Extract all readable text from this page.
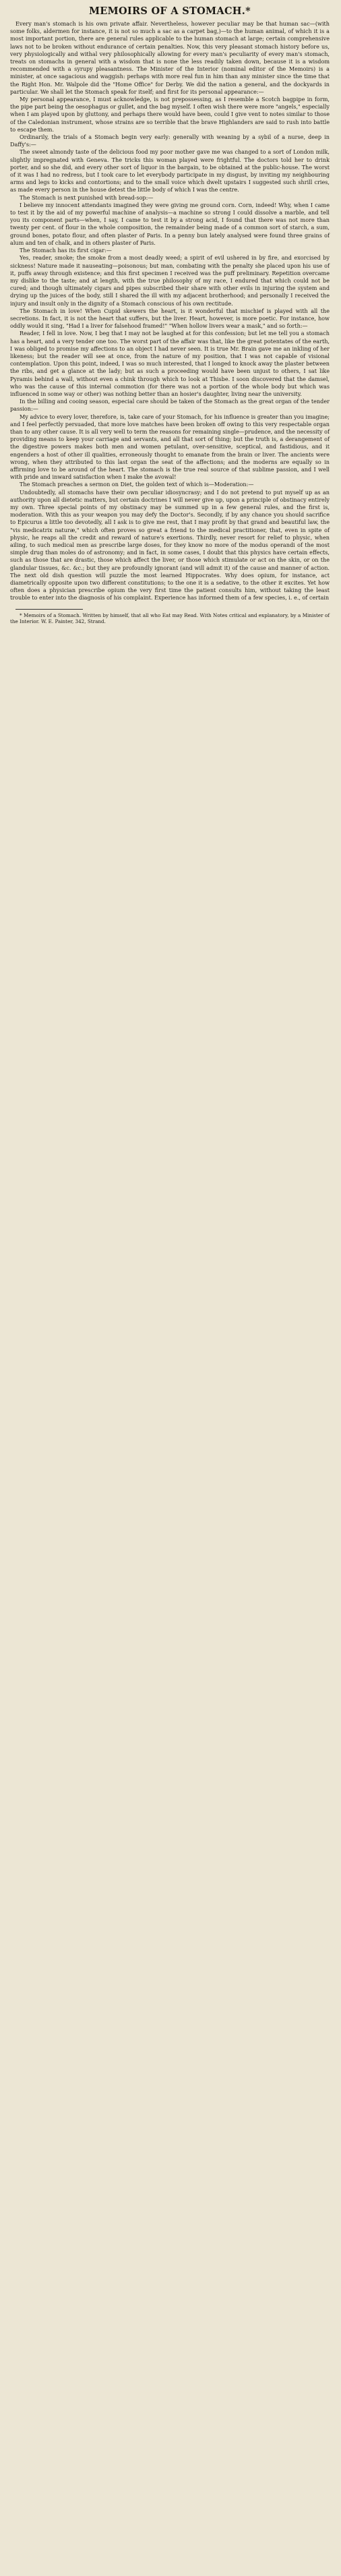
MEMOIRS OF A STOMACH.*

Every man's stomach is his own private affair. Nevertheless, however peculiar may be that human sac—(with some folks, aldermen for instance, it is not so much a sac as a carpet bag,)—to the human animal, of which it is a most important portion, there are general rules applicable to the human stomach at large; certain comprehensive laws not to be broken without endurance of certain penalties. Now, this very pleasant stomach history before us, very physiologically and withal very philosophically allowing for every man's peculiarity of every man's stomach, treats on stomachs in general with a wisdom that is none the less readily taken down, because it is a wisdom recommended with a syrupy pleasantness. The Minister of the Interior (nominal editor of the Memoirs) is a minister, at once sagacious and waggish: perhaps with more real fun in him than any minister since the time that the Right Hon. Mr. Walpole did the "Home Office" for Derby. We did the nation a general, and the dockyards in particular. We shall let the Stomach speak for itself; and first for its personal appearance:—

My personal appearance, I must acknowledge, is not prepossessing, as I resemble a Scotch bagpipe in form, the pipe part being the oesophagus or gullet, and the bag myself. I often wish there were more "angels," especially when I am played upon by gluttony, and perhaps there would have been, could I give vent to notes similar to those of the Caledonian instrument, whose strains are so terrible that the brave Highlanders are said to rush into battle to escape them.

Ordinarily, the trials of a Stomach begin very early: generally with weaning by a sybil of a nurse, deep in Daffy's:—

The sweet almondy taste of the delicious food my poor mother gave me was changed to a sort of London milk, slightly impregnated with Geneva. The tricks this woman played were frightful. The doctors told her to drink porter, and so she did, and every other sort of liquor in the bargain, to be obtained at the public-house. The worst of it was I had no redress, but I took care to let everybody participate in my disgust, by inviting my neighbouring arms and legs to kicks and contortions; and to the small voice which dwelt upstairs I suggested such shrill cries, as made every person in the house detest the little body of which I was the centre.

The Stomach is next punished with bread-sop:—

I believe my innocent attendants imagined they were giving me ground corn. Corn, indeed! Why, when I came to test it by the aid of my powerful machine of analysis—a machine so strong I could dissolve a marble, and tell you its component parts—when, I say, I came to test it by a strong acid, I found that there was not more than twenty per cent. of flour in the whole composition, the remainder being made of a common sort of starch, a sum, ground bones, potato flour, and often plaster of Paris. In a penny bun lately analysed were found three grains of alum and ten of chalk, and in others plaster of Paris.

The Stomach has its first cigar:—

Yes, reader, smoke; the smoke from a most deadly weed; a spirit of evil ushered in by fire, and exorcised by sickness! Nature made it nauseating—poisonous; but man, combating with the penalty she placed upon his use of it, puffs away through existence; and this first specimen I received was the puff preliminary. Repetition overcame my dislike to the taste; and at length, with the true philosophy of my race, I endured that which could not be cured; and though ultimately cigars and pipes subscribed their share with other evils in injuring the system and drying up the juices of the body, still I shared the ill with my adjacent brotherhood; and personally I received the injury and insult only in the dignity of a Stomach conscious of his own rectitude.

The Stomach in love! When Cupid skewers the heart, is it wonderful that mischief is played with all the secretions. In fact, it is not the heart that suffers, but the liver. Heart, however, is more poetic. For instance, how oddly would it sing, "Had I a liver for falsehood framed!" "When hollow livers wear a mask," and so forth:—

Reader, I fell in love. Now, I beg that I may not be laughed at for this confession; but let me tell you a stomach has a heart, and a very tender one too. The worst part of the affair was that, like the great potentates of the earth, I was obliged to promise my affections to an object I had never seen. It is true Mr. Brain gave me an inkling of her likeness; but the reader will see at once, from the nature of my position, that I was not capable of visional contemplation. Upon this point, indeed, I was so much interested, that I longed to knock away the plaster between the ribs, and get a glance at the lady; but as such a proceeding would have been unjust to others, I sat like Pyramis behind a wall, without even a chink through which to look at Thisbe. I soon discovered that the damsel, who was the cause of this internal commotion (for there was not a portion of the whole body but which was influenced in some way or other) was nothing better than an hosier's daughter, living near the university.

In the billing and cooing season, especial care should be taken of the Stomach as the great organ of the tender passion:—

My advice to every lover, therefore, is, take care of your Stomach, for his influence is greater than you imagine; and I feel perfectly persuaded, that more love matches have been broken off owing to this very respectable organ than to any other cause. It is all very well to term the reasons for remaining single—prudence, and the necessity of providing means to keep your carriage and servants, and all that sort of thing; but the truth is, a derangement of the digestive powers makes both men and women petulant, over-sensitive, sceptical, and fastidious, and it engenders a host of other ill qualities, erroneously thought to emanate from the brain or liver. The ancients were wrong, when they attributed to this last organ the seat of the affections; and the moderns are equally so in affirming love to be around of the heart. The stomach is the true real source of that sublime passion, and I well with pride and inward satisfaction when I make the avowal!

The Stomach preaches a sermon on Diet, the golden text of which is—Moderation:—

Undoubtedly, all stomachs have their own peculiar idiosyncrasy; and I do not pretend to put myself up as an authority upon all dietetic matters, but certain doctrines I will never give up, upon a principle of obstinacy entirely my own. Three special points of my obstinacy may be summed up in a few general rules, and the first is, moderation. With this as your weapon you may defy the Doctor's. Secondly, if by any chance you should sacrifice to Epicurus a little too devotedly, all I ask is to give me rest, that I may profit by that grand and beautiful law, the "vis medicatrix naturæ," which often proves so great a friend to the medical practitioner, that, even in spite of physic, he reaps all the credit and reward of nature's exertions. Thirdly, never resort for relief to physic, when ailing, to such medical men as prescribe large doses, for they know no more of the modus operandi of the most simple drug than moles do of astronomy; and in fact, in some cases, I doubt that this physics have certain effects, such as those that are drastic, those which affect the liver, or those which stimulate or act on the skin, or on the glandular tissues, &c. &c.; but they are profoundly ignorant (and will admit it) of the cause and manner of action. The next old dish question will puzzle the most learned Hippocrates. Why does opium, for instance, act diametrically opposite upon two different constitutions; to the one it is a sedative, to the other it excites. Yet how often does a physician prescribe opium the very first time the patient consults him, without taking the least trouble to enter into the diagnosis of his complaint. Experience has informed them of a few species, i. e., of certain

* Memoirs of a Stomach. Written by himself, that all who Eat may Read. With Notes critical and explanatory, by a Minister of the Interior. W. E. Painter, 342, Strand.
